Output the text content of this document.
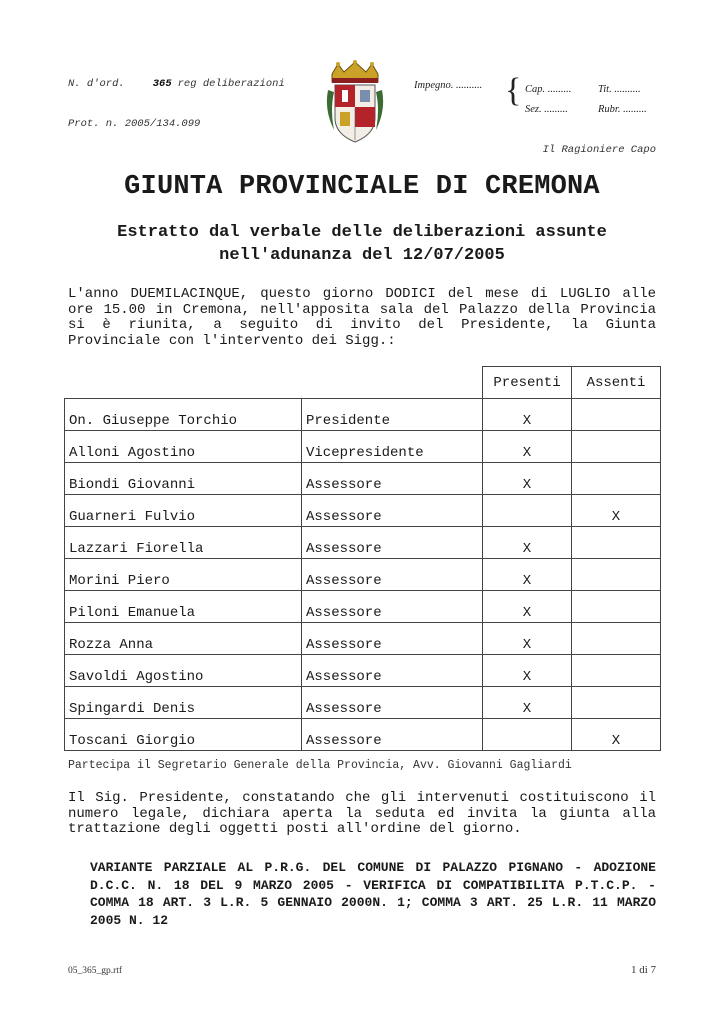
N. d'ord.	365 reg deliberazioni
Prot. n. 2005/134.099
Impegno. .......... { Cap. .........
Sez. .........
Tit. ..........
Rubr. .........
Il Ragioniere Capo
GIUNTA PROVINCIALE DI CREMONA
Estratto dal verbale delle deliberazioni assunte
nell'adunanza del 12/07/2005
L'anno DUEMILACINQUE, questo giorno DODICI del mese di LUGLIO alle ore 15.00 in Cremona, nell'apposita sala del Palazzo della Provincia si è riunita, a seguito di invito del Presidente, la Giunta Provinciale con l'intervento dei Sigg.:
		Presenti	Assenti
On. Giuseppe Torchio	Presidente	X	
Alloni Agostino	Vicepresidente	X	
Biondi Giovanni	Assessore	X	
Guarneri Fulvio	Assessore		X
Lazzari Fiorella	Assessore	X	
Morini Piero	Assessore	X	
Piloni Emanuela	Assessore	X	
Rozza Anna	Assessore	X	
Savoldi Agostino	Assessore	X	
Spingardi Denis	Assessore	X	
Toscani Giorgio	Assessore		X
Partecipa il Segretario Generale della Provincia, Avv. Giovanni Gagliardi
Il Sig. Presidente, constatando che gli intervenuti costituiscono il numero legale, dichiara aperta la seduta ed invita la giunta alla trattazione degli oggetti posti all'ordine del giorno.
VARIANTE PARZIALE AL P.R.G. DEL COMUNE DI PALAZZO PIGNANO - ADOZIONE D.C.C. N. 18 DEL 9 MARZO 2005 - VERIFICA DI COMPATIBILITA P.T.C.P. - COMMA 18 ART. 3 L.R. 5 GENNAIO 2000N. 1; COMMA 3 ART. 25 L.R. 11 MARZO 2005 N. 12
05_365_gp.rtf	1 di 7
